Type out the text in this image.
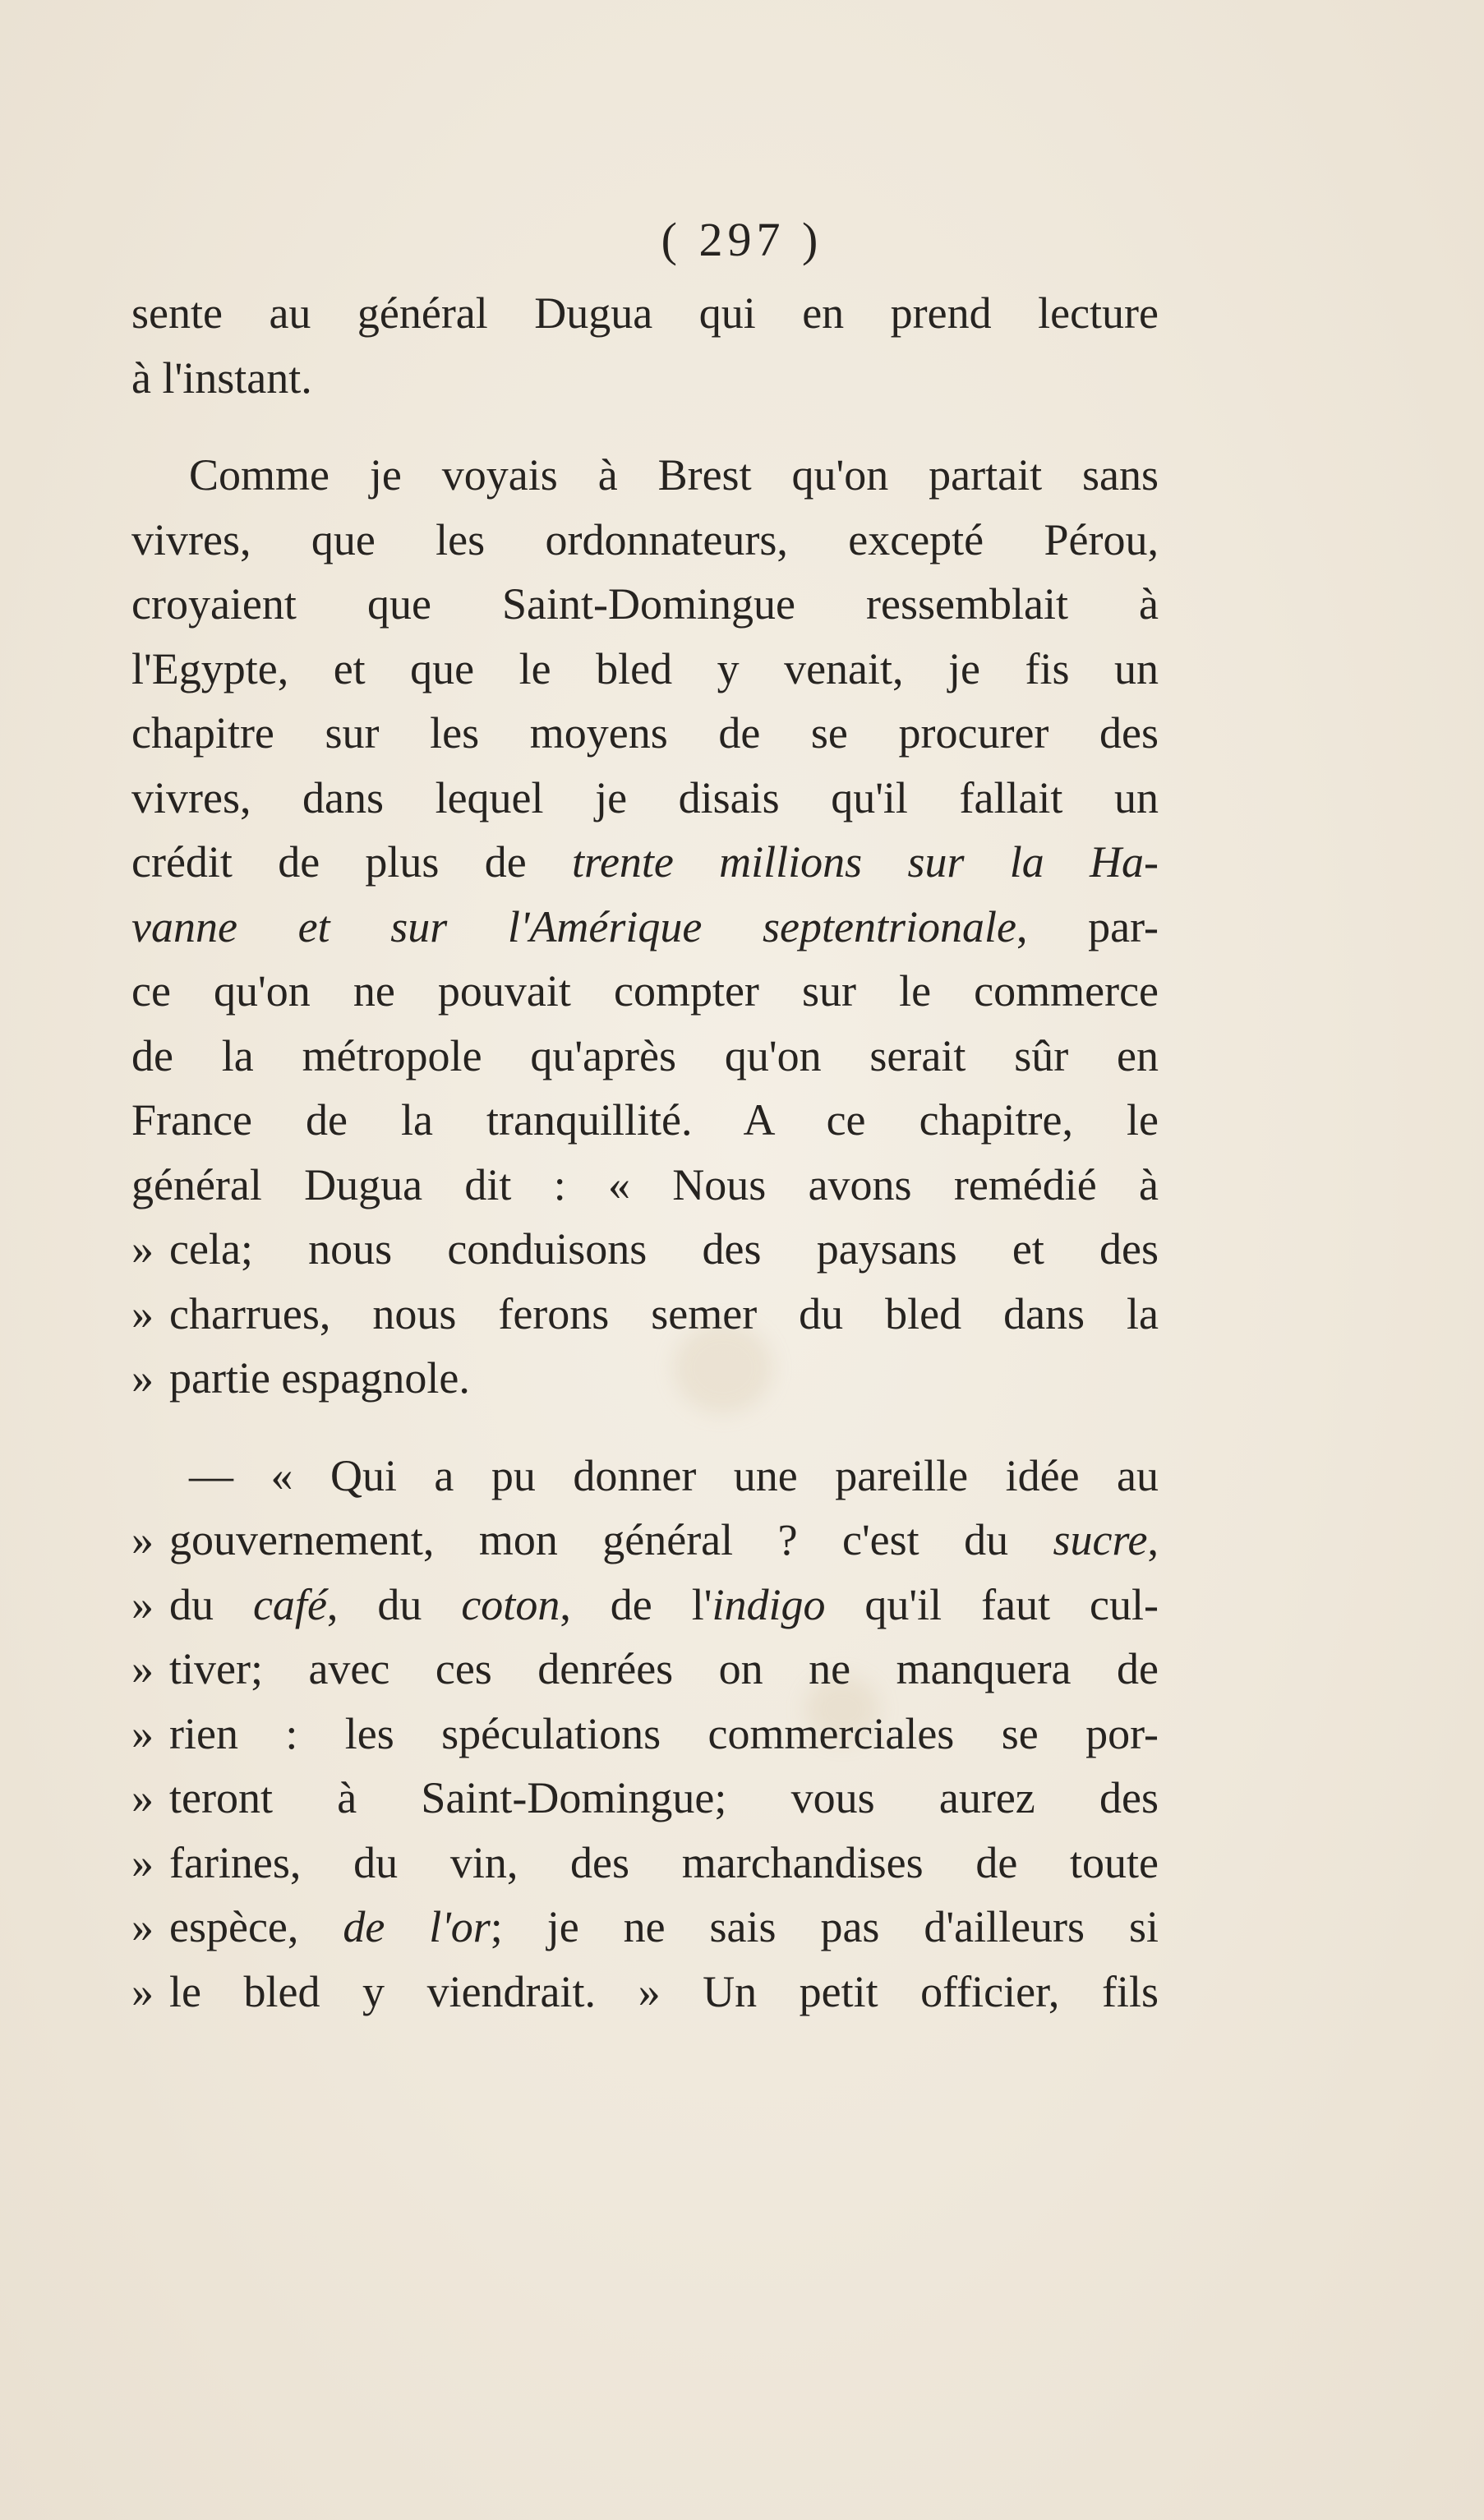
( 297 )
sente au général Dugua qui en prend lecture
à l'instant.
Comme je voyais à Brest qu'on partait sans
vivres, que les ordonnateurs, excepté Pérou,
croyaient que Saint-Domingue ressemblait à
l'Egypte, et que le bled y venait, je fis un
chapitre sur les moyens de se procurer des
vivres, dans lequel je disais qu'il fallait un
crédit de plus de trente millions sur la Ha-
vanne et sur l'Amérique septentrionale, par-
ce qu'on ne pouvait compter sur le commerce
de la métropole qu'après qu'on serait sûr en
France de la tranquillité. A ce chapitre, le
général Dugua dit : « Nous avons remédié à
» cela; nous conduisons des paysans et des
» charrues, nous ferons semer du bled dans la
» partie espagnole.
— « Qui a pu donner une pareille idée au
» gouvernement, mon général ? c'est du sucre,
» du café, du coton, de l'indigo qu'il faut cul-
» tiver; avec ces denrées on ne manquera de
» rien : les spéculations commerciales se por-
» teront à Saint-Domingue; vous aurez des
» farines, du vin, des marchandises de toute
» espèce, de l'or; je ne sais pas d'ailleurs si
» le bled y viendrait. » Un petit officier, fils
